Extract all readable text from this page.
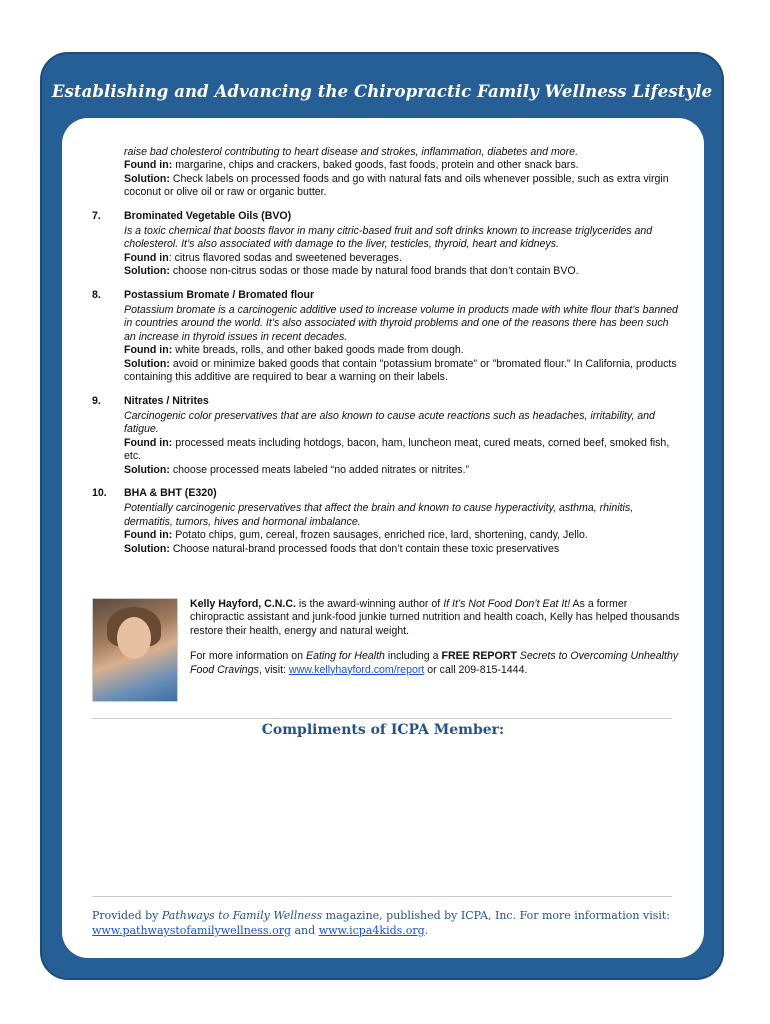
Establishing and Advancing the Chiropractic Family Wellness Lifestyle
raise bad cholesterol contributing to heart disease and strokes, inflammation, diabetes and more.
Found in: margarine, chips and crackers, baked goods, fast foods, protein and other snack bars.
Solution: Check labels on processed foods and go with natural fats and oils whenever possible, such as extra virgin coconut or olive oil or raw or organic butter.
7. Brominated Vegetable Oils (BVO)
Is a toxic chemical that boosts flavor in many citric-based fruit and soft drinks known to increase triglycerides and cholesterol. It’s also associated with damage to the liver, testicles, thyroid, heart and kidneys.
Found in: citrus flavored sodas and sweetened beverages.
Solution: choose non-citrus sodas or those made by natural food brands that don’t contain BVO.
8. Postassium Bromate / Bromated flour
Potassium bromate is a carcinogenic additive used to increase volume in products made with white flour that’s banned in countries around the world. It’s also associated with thyroid problems and one of the reasons there has been such an increase in thyroid issues in recent decades.
Found in: white breads, rolls, and other baked goods made from dough.
Solution: avoid or minimize baked goods that contain "potassium bromate" or "bromated flour." In California, products containing this additive are required to bear a warning on their labels.
9. Nitrates / Nitrites
Carcinogenic color preservatives that are also known to cause acute reactions such as headaches, irritability, and fatigue.
Found in: processed meats including hotdogs, bacon, ham, luncheon meat, cured meats, corned beef, smoked fish, etc.
Solution: choose processed meats labeled “no added nitrates or nitrites.”
10. BHA & BHT (E320)
Potentially carcinogenic preservatives that affect the brain and known to cause hyperactivity, asthma, rhinitis, dermatitis, tumors, hives and hormonal imbalance.
Found in: Potato chips, gum, cereal, frozen sausages, enriched rice, lard, shortening, candy, Jello.
Solution: Choose natural-brand processed foods that don’t contain these toxic preservatives

Kelly Hayford, C.N.C. is the award-winning author of If It’s Not Food Don’t Eat It! As a former chiropractic assistant and junk-food junkie turned nutrition and health coach, Kelly has helped thousands restore their health, energy and natural weight.

For more information on Eating for Health including a FREE REPORT Secrets to Overcoming Unhealthy Food Cravings, visit: www.kellyhayford.com/report or call 209-815-1444.

Compliments of ICPA Member:
Provided by Pathways to Family Wellness magazine, published by ICPA, Inc. For more information visit: www.pathwaystofamilywellness.org and www.icpa4kids.org.
